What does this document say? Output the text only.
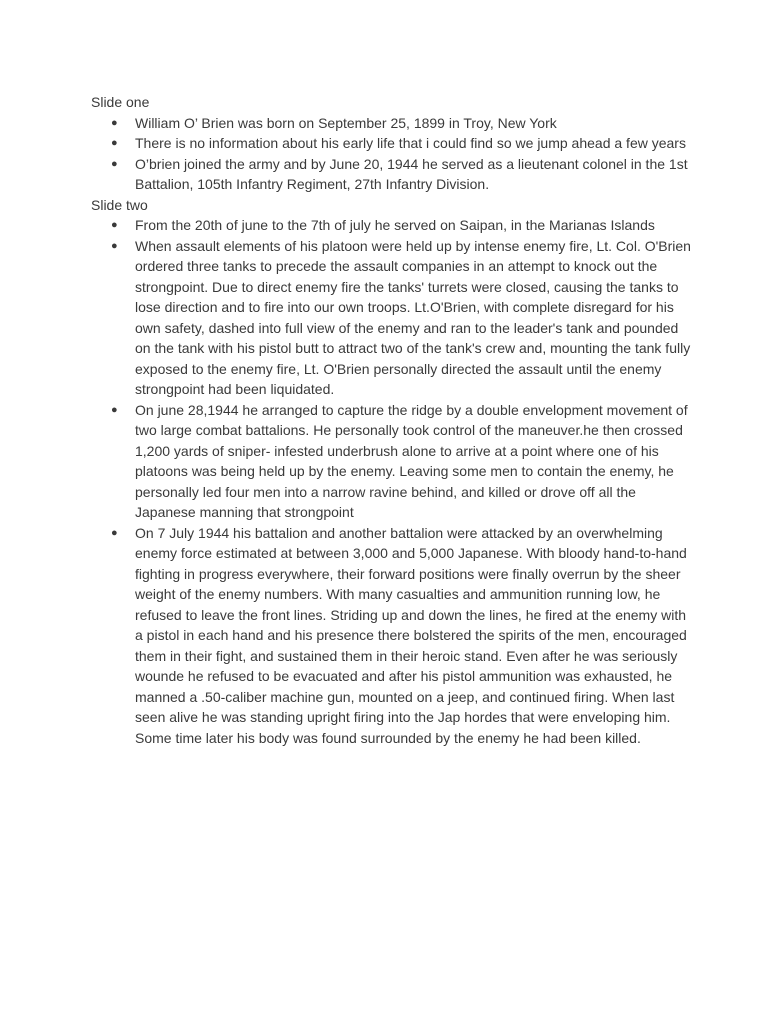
Slide one

● William O’ Brien was born on September 25, 1899 in Troy, New York
● There is no information about his early life that i could find so we jump ahead a few years
● O’brien joined the army and by June 20, 1944 he served as a lieutenant colonel in the 1st Battalion, 105th Infantry Regiment, 27th Infantry Division.

Slide two

● From the 20th of june to the 7th of july he served on Saipan, in the Marianas Islands
● When assault elements of his platoon were held up by intense enemy fire, Lt. Col. O'Brien ordered three tanks to precede the assault companies in an attempt to knock out the strongpoint. Due to direct enemy fire the tanks' turrets were closed, causing the tanks to lose direction and to fire into our own troops. Lt.O'Brien, with complete disregard for his own safety, dashed into full view of the enemy and ran to the leader's tank and pounded on the tank with his pistol butt to attract two of the tank's crew and, mounting the tank fully exposed to the enemy fire, Lt. O'Brien personally directed the assault until the enemy strongpoint had been liquidated.
● On june 28,1944 he arranged to capture the ridge by a double envelopment movement of two large combat battalions. He personally took control of the maneuver.he then crossed 1,200 yards of sniper- infested underbrush alone to arrive at a point where one of his platoons was being held up by the enemy. Leaving some men to contain the enemy, he personally led four men into a narrow ravine behind, and killed or drove off all the Japanese manning that strongpoint
● On 7 July 1944 his battalion and another battalion were attacked by an overwhelming enemy force estimated at between 3,000 and 5,000 Japanese. With bloody hand-to-hand fighting in progress everywhere, their forward positions were finally overrun by the sheer weight of the enemy numbers. With many casualties and ammunition running low, he refused to leave the front lines. Striding up and down the lines, he fired at the enemy with a pistol in each hand and his presence there bolstered the spirits of the men, encouraged them in their fight, and sustained them in their heroic stand. Even after he was seriously wounde he refused to be evacuated and after his pistol ammunition was exhausted, he manned a .50-caliber machine gun, mounted on a jeep, and continued firing. When last seen alive he was standing upright firing into the Jap hordes that were enveloping him. Some time later his body was found surrounded by the enemy he had been killed.
